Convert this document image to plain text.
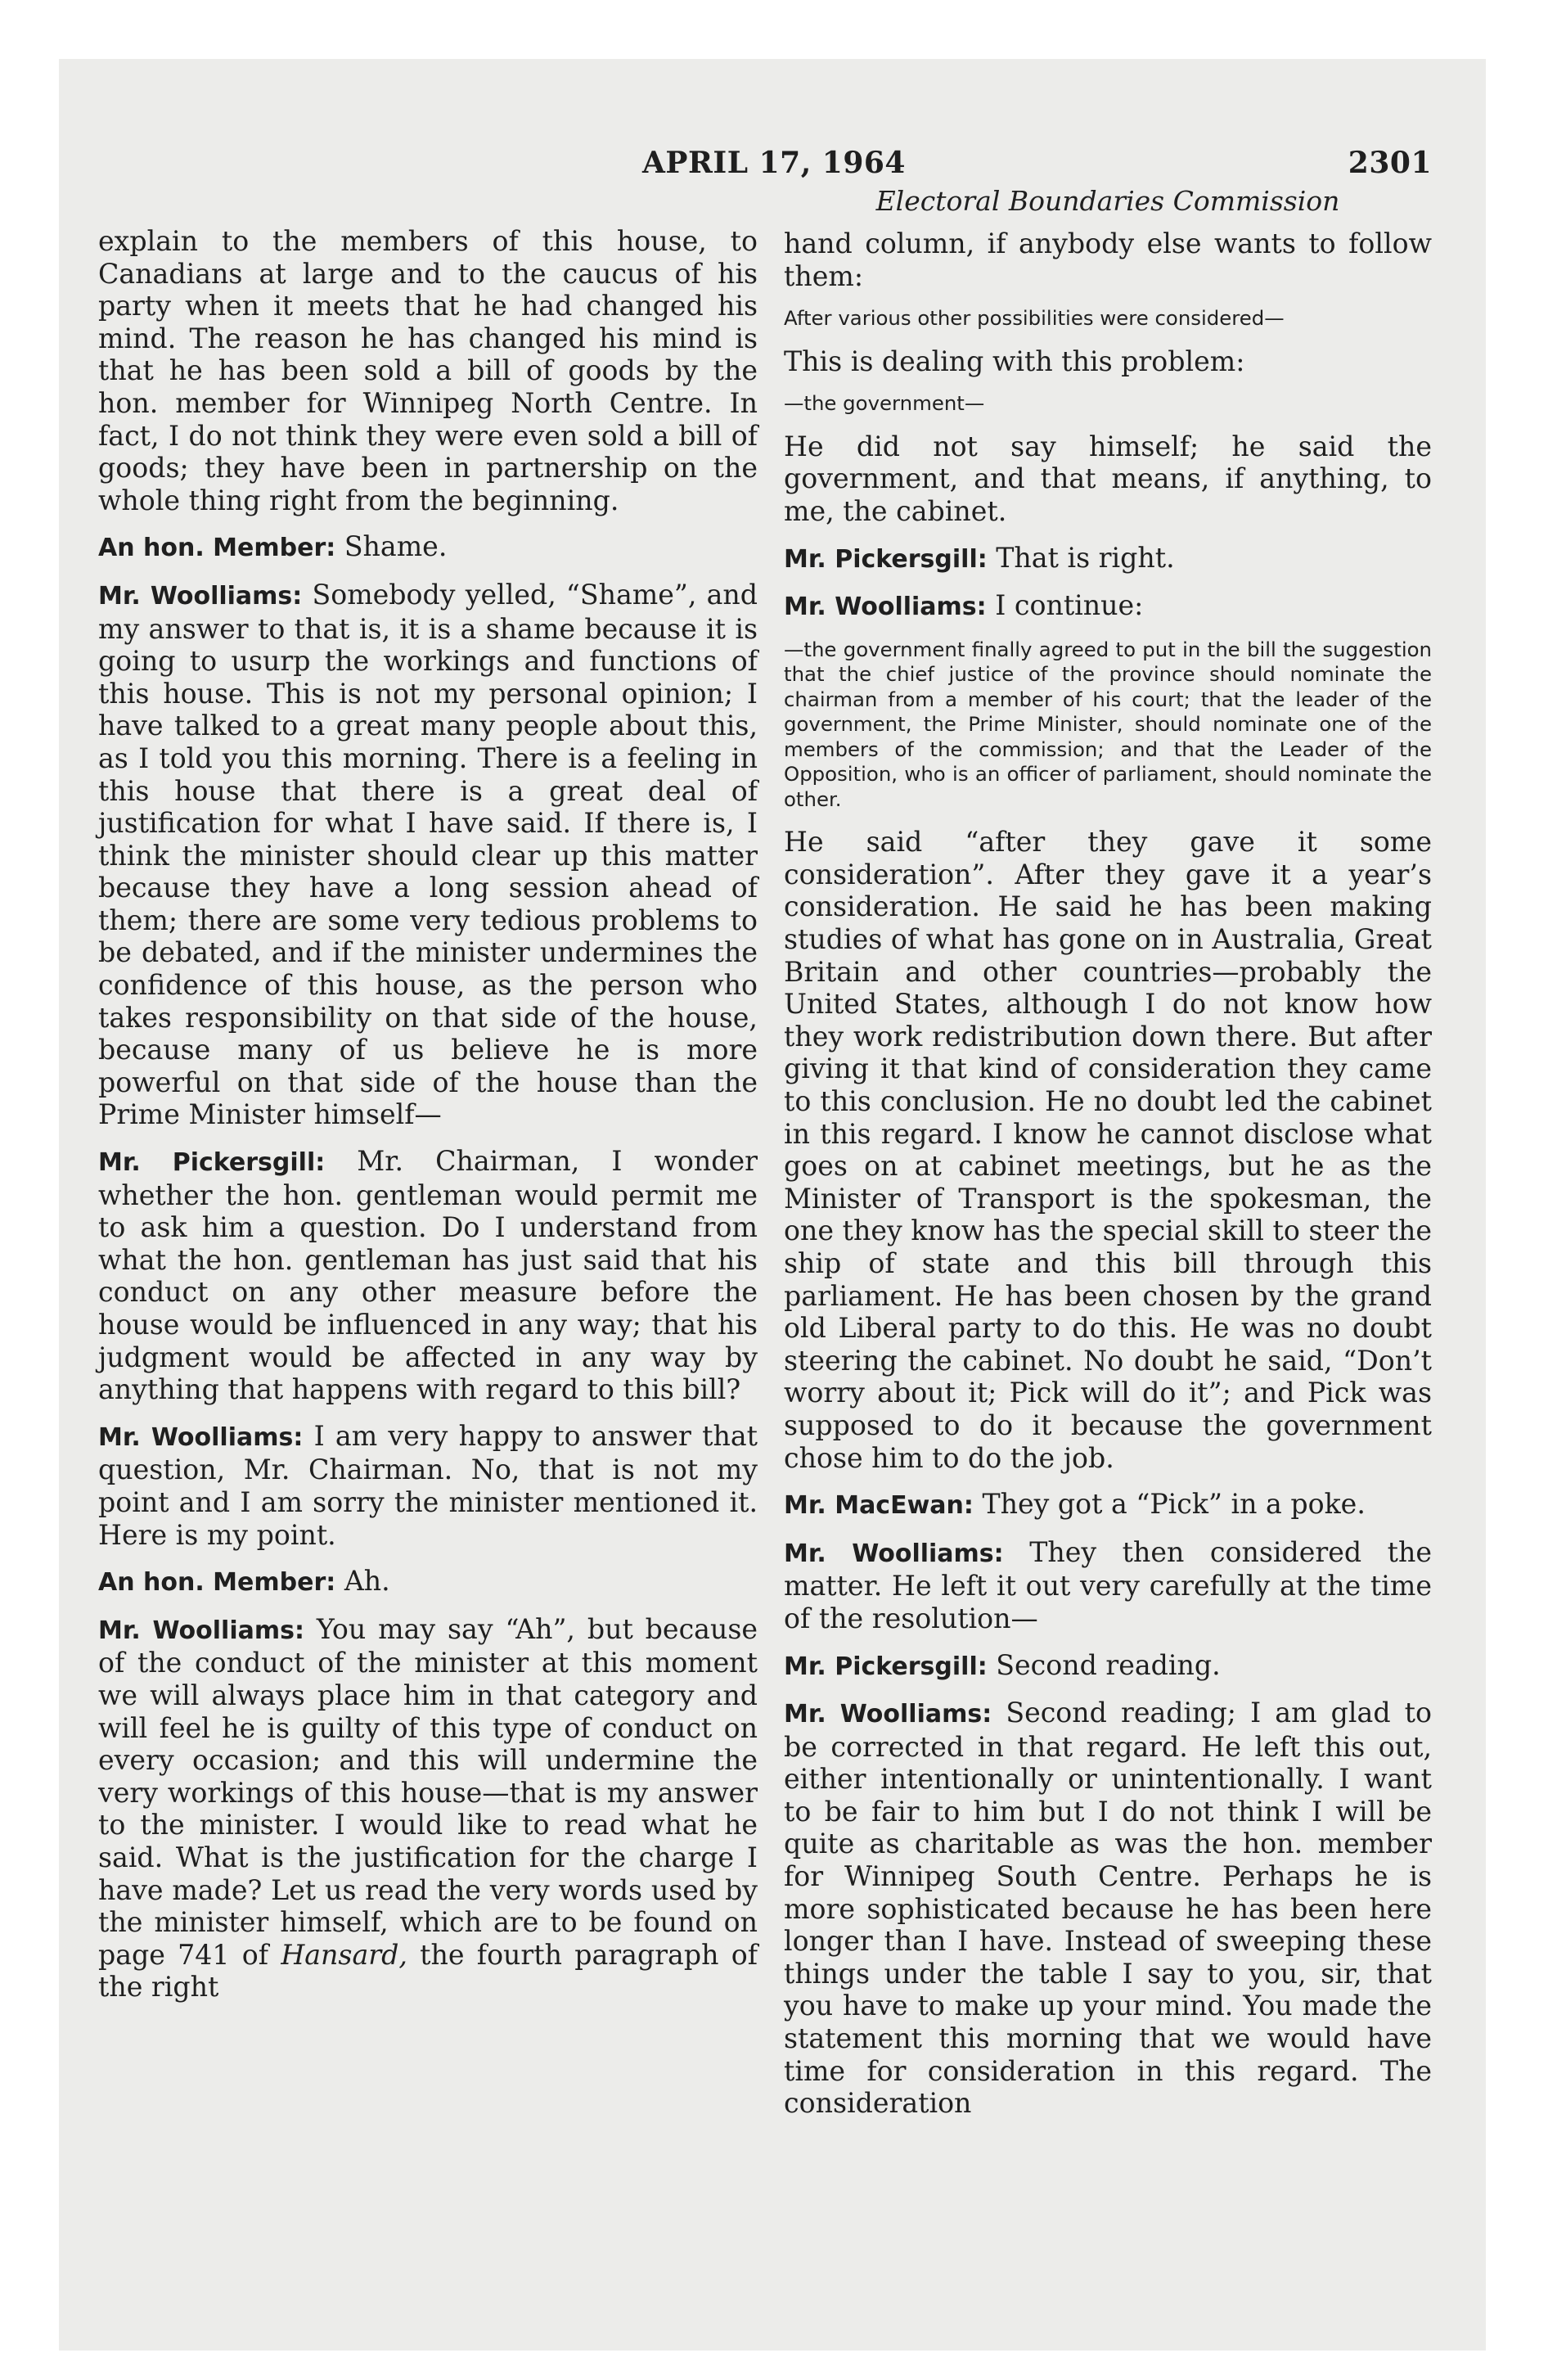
APRIL 17, 1964	2301
Electoral Boundaries Commission

explain to the members of this house, to Canadians at large and to the caucus of his party when it meets that he had changed his mind. The reason he has changed his mind is that he has been sold a bill of goods by the hon. member for Winnipeg North Centre. In fact, I do not think they were even sold a bill of goods; they have been in partnership on the whole thing right from the beginning.

An hon. Member: Shame.

Mr. Woolliams: Somebody yelled, “Shame”, and my answer to that is, it is a shame because it is going to usurp the workings and functions of this house. This is not my personal opinion; I have talked to a great many people about this, as I told you this morning. There is a feeling in this house that there is a great deal of justification for what I have said. If there is, I think the minister should clear up this matter because they have a long session ahead of them; there are some very tedious problems to be debated, and if the minister undermines the confidence of this house, as the person who takes responsibility on that side of the house, because many of us believe he is more powerful on that side of the house than the Prime Minister himself—

Mr. Pickersgill: Mr. Chairman, I wonder whether the hon. gentleman would permit me to ask him a question. Do I understand from what the hon. gentleman has just said that his conduct on any other measure before the house would be influenced in any way; that his judgment would be affected in any way by anything that happens with regard to this bill?

Mr. Woolliams: I am very happy to answer that question, Mr. Chairman. No, that is not my point and I am sorry the minister mentioned it. Here is my point.

An hon. Member: Ah.

Mr. Woolliams: You may say “Ah”, but because of the conduct of the minister at this moment we will always place him in that category and will feel he is guilty of this type of conduct on every occasion; and this will undermine the very workings of this house—that is my answer to the minister. I would like to read what he said. What is the justification for the charge I have made? Let us read the very words used by the minister himself, which are to be found on page 741 of Hansard, the fourth paragraph of the right

hand column, if anybody else wants to follow them:

After various other possibilities were considered—

This is dealing with this problem:

—the government—

He did not say himself; he said the government, and that means, if anything, to me, the cabinet.

Mr. Pickersgill: That is right.

Mr. Woolliams: I continue:

—the government finally agreed to put in the bill the suggestion that the chief justice of the province should nominate the chairman from a member of his court; that the leader of the government, the Prime Minister, should nominate one of the members of the commission; and that the Leader of the Opposition, who is an officer of parliament, should nominate the other.

He said “after they gave it some consideration”. After they gave it a year’s consideration. He said he has been making studies of what has gone on in Australia, Great Britain and other countries—probably the United States, although I do not know how they work redistribution down there. But after giving it that kind of consideration they came to this conclusion. He no doubt led the cabinet in this regard. I know he cannot disclose what goes on at cabinet meetings, but he as the Minister of Transport is the spokesman, the one they know has the special skill to steer the ship of state and this bill through this parliament. He has been chosen by the grand old Liberal party to do this. He was no doubt steering the cabinet. No doubt he said, “Don’t worry about it; Pick will do it”; and Pick was supposed to do it because the government chose him to do the job.

Mr. MacEwan: They got a “Pick” in a poke.

Mr. Woolliams: They then considered the matter. He left it out very carefully at the time of the resolution—

Mr. Pickersgill: Second reading.

Mr. Woolliams: Second reading; I am glad to be corrected in that regard. He left this out, either intentionally or unintentionally. I want to be fair to him but I do not think I will be quite as charitable as was the hon. member for Winnipeg South Centre. Perhaps he is more sophisticated because he has been here longer than I have. Instead of sweeping these things under the table I say to you, sir, that you have to make up your mind. You made the statement this morning that we would have time for consideration in this regard. The consideration
